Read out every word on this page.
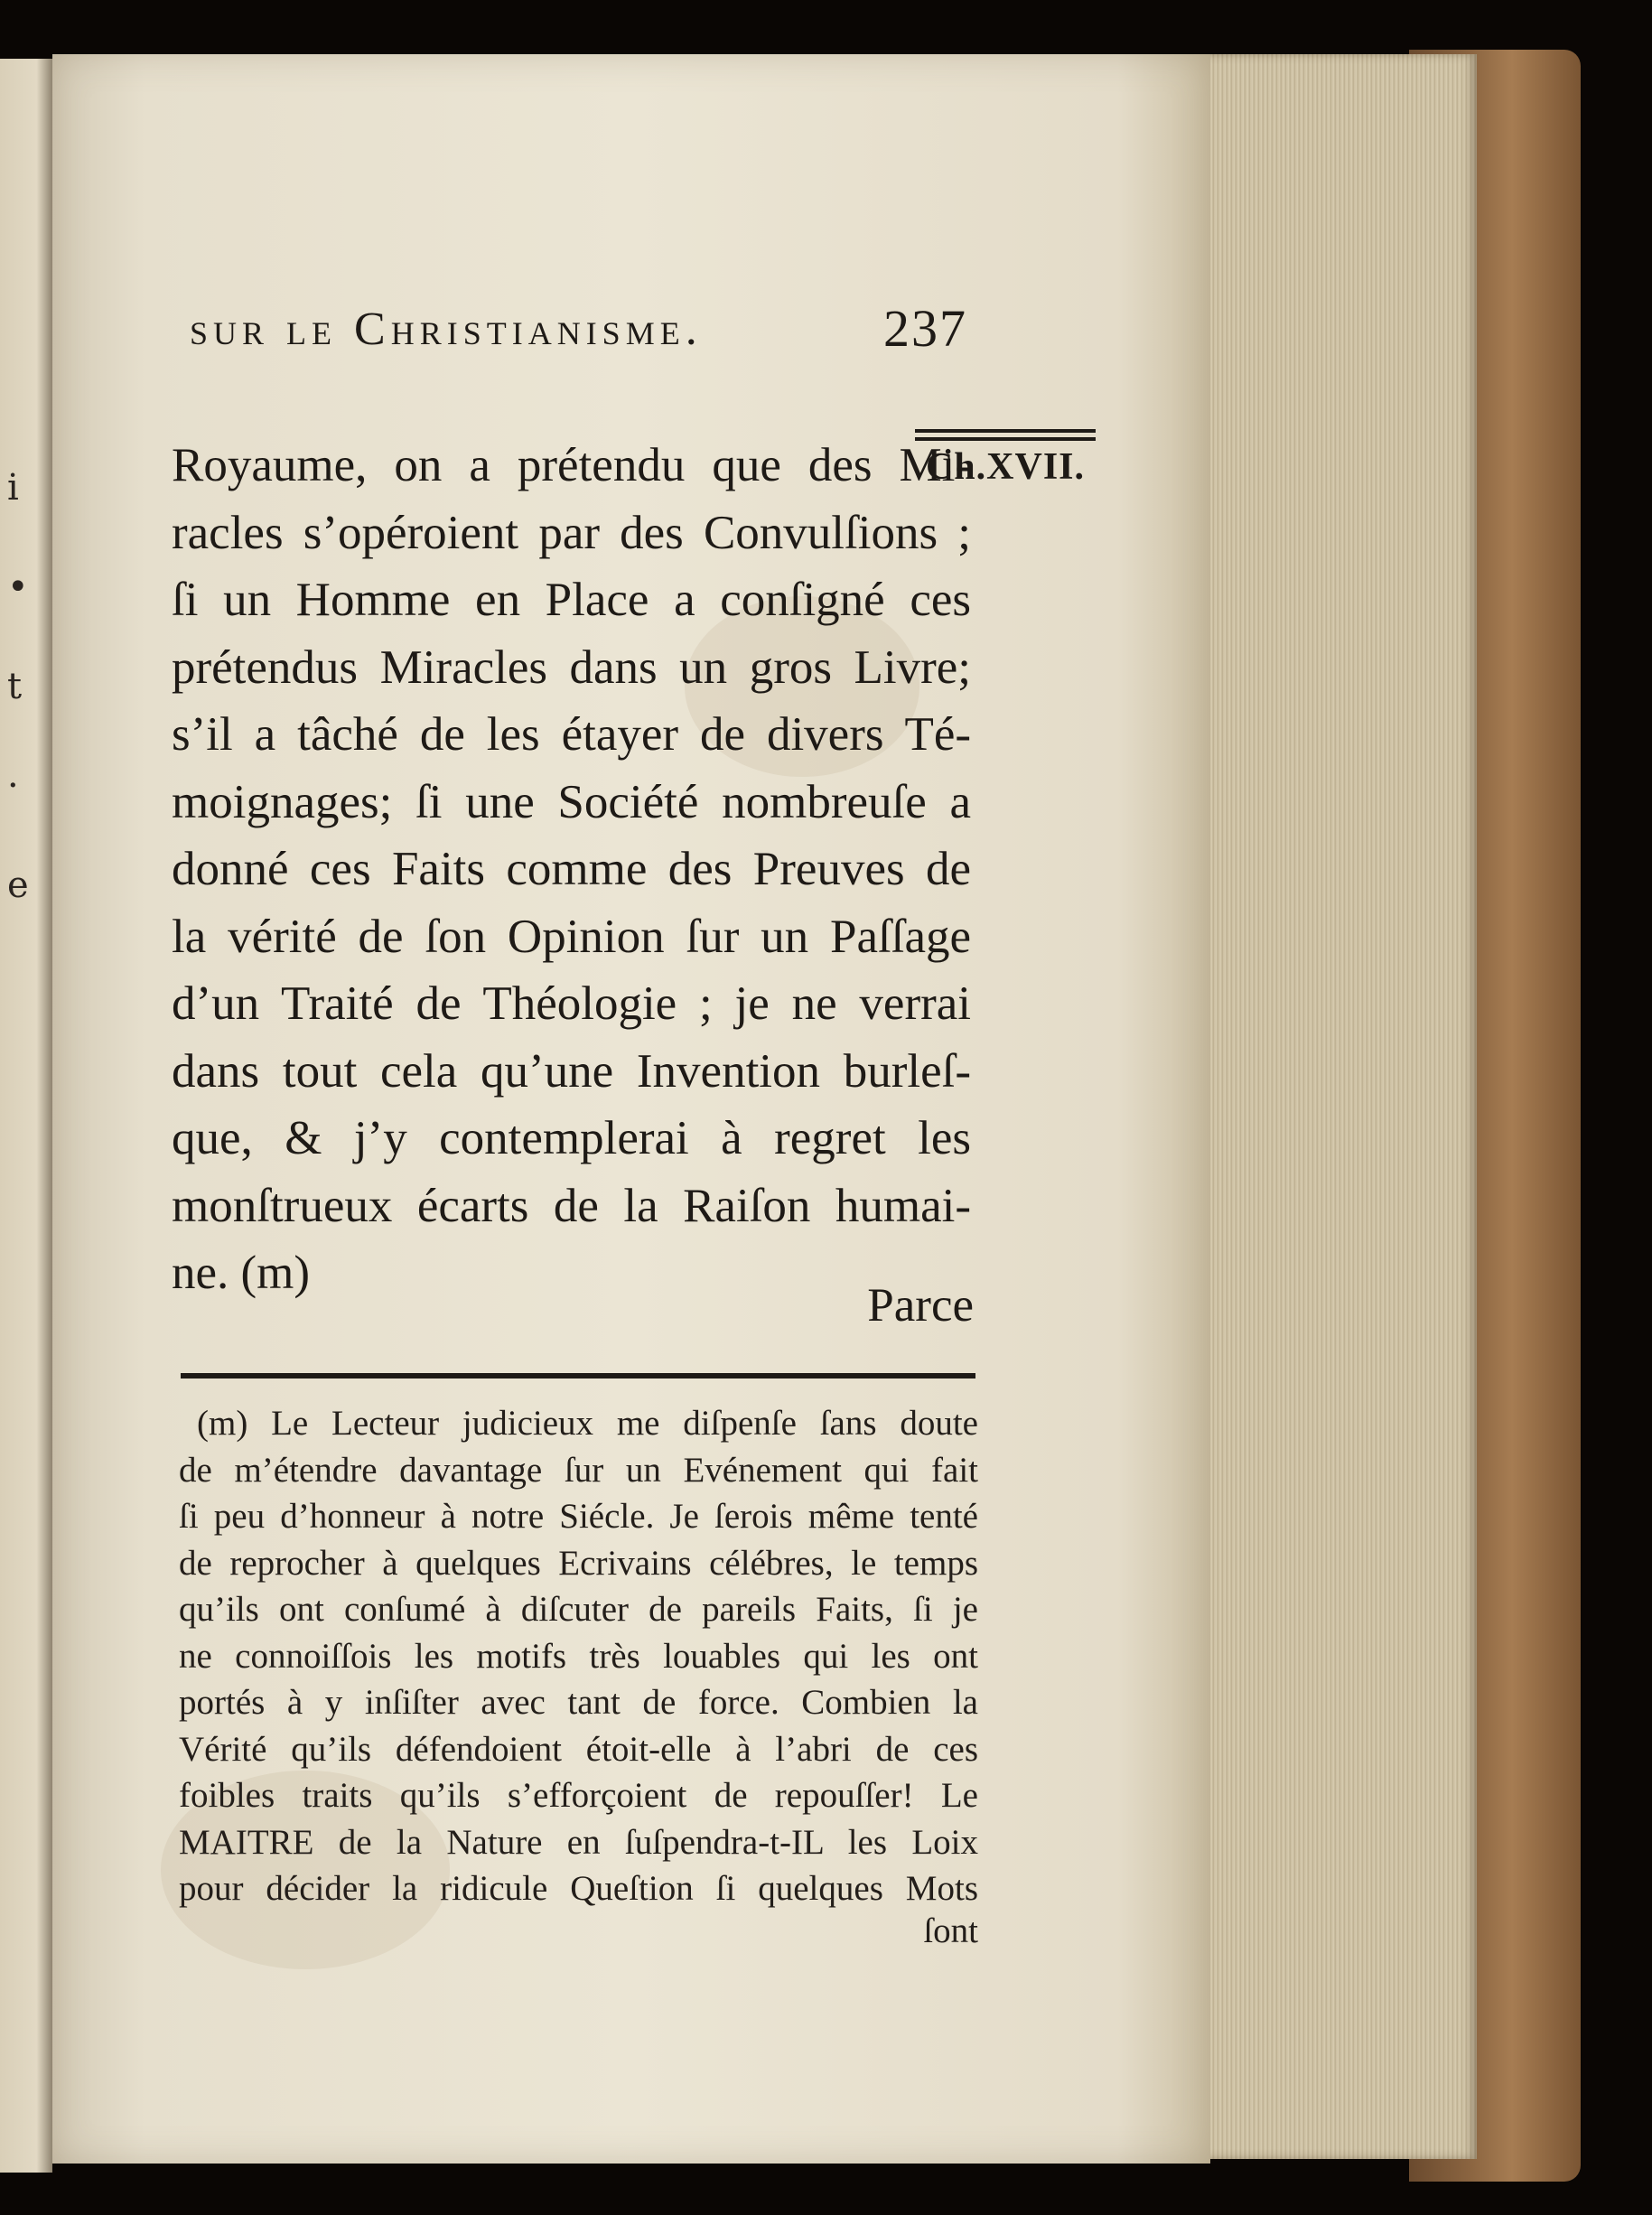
i
•
t
·
e
sur le Christianisme.	237
Ch.XVII.
Royaume, on a prétendu que des Mi-
racles s’opéroient par des Convulſions ;
ſi un Homme en Place a conſigné ces
prétendus Miracles dans un gros Livre;
s’il a tâché de les étayer de divers Té-
moignages; ſi une Société nombreuſe a
donné ces Faits comme des Preuves de
la vérité de ſon Opinion ſur un Paſſage
d’un Traité de Théologie ; je ne verrai
dans tout cela qu’une Invention burleſ-
que, & j’y contemplerai à regret les
monſtrueux écarts de la Raiſon humai-
ne. (m)
Parce
(m) Le Lecteur judicieux me diſpenſe ſans doute
de m’étendre davantage ſur un Evénement qui fait
ſi peu d’honneur à notre Siécle. Je ſerois même tenté
de reprocher à quelques Ecrivains célébres, le temps
qu’ils ont conſumé à diſcuter de pareils Faits, ſi je
ne connoiſſois les motifs très louables qui les ont
portés à y inſiſter avec tant de force. Combien la
Vérité qu’ils défendoient étoit-elle à l’abri de ces
foibles traits qu’ils s’efforçoient de repouſſer! Le
MAITRE de la Nature en ſuſpendra-t-IL les Loix
pour décider la ridicule Queſtion ſi quelques Mots
ſont
